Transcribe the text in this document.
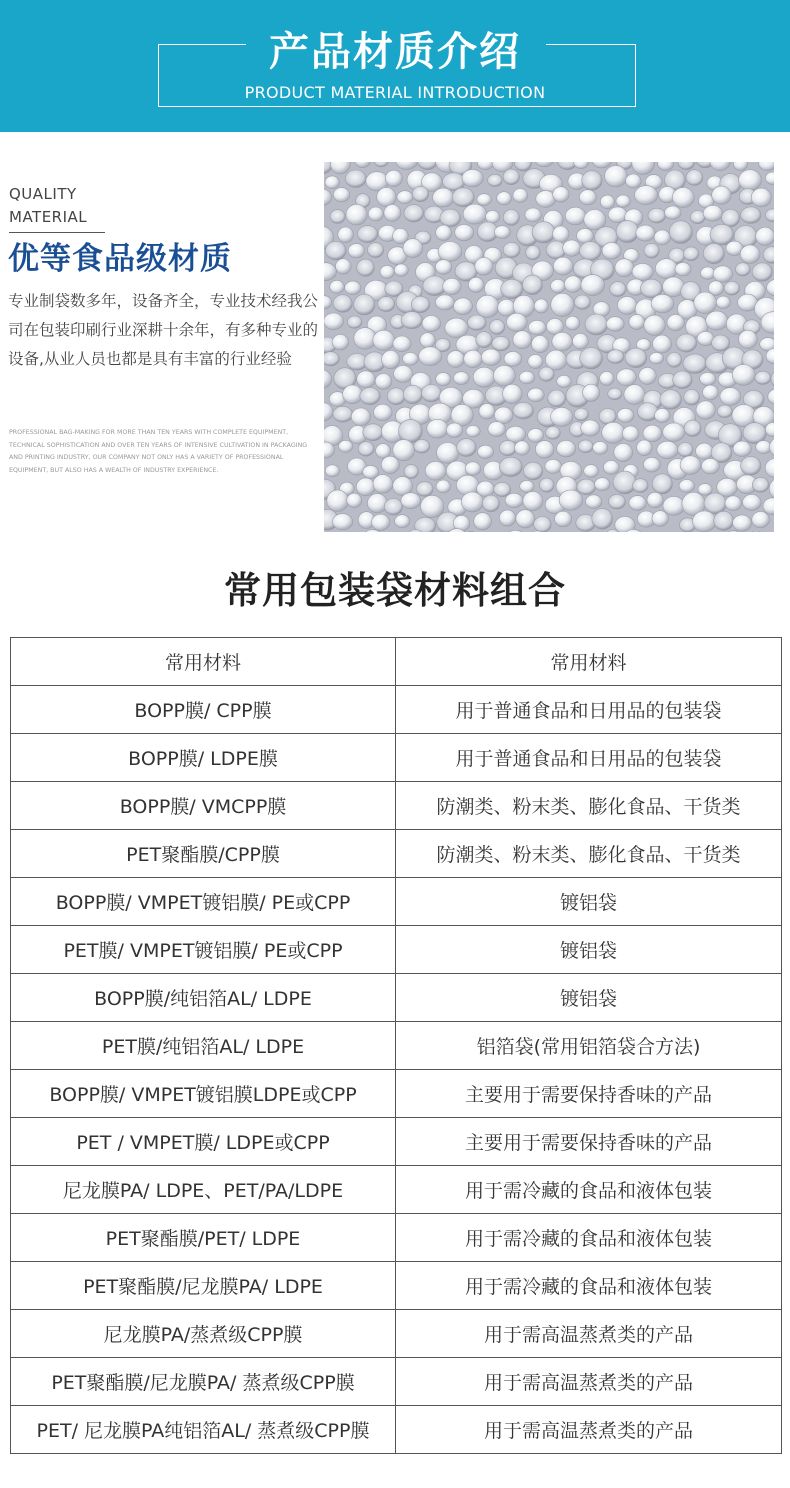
产品材质介绍
PRODUCT MATERIAL INTRODUCTION
QUALITY
MATERIAL
优等食品级材质
专业制袋数多年，设备齐全，专业技术经我公司在包装印刷行业深耕十余年，有多种专业的设备,从业人员也都是具有丰富的行业经验
PROFESSIONAL BAG-MAKING FOR MORE THAN TEN YEARS WITH COMPLETE EQUIPMENT, TECHNICAL SOPHISTICATION AND OVER TEN YEARS OF INTENSIVE CULTIVATION IN PACKAGING AND PRINTING INDUSTRY, OUR COMPANY NOT ONLY HAS A VARIETY OF PROFESSIONAL EQUIPMENT, BUT ALSO HAS A WEALTH OF INDUSTRY EXPERIENCE.
常用包装袋材料组合
常用材料	常用材料
BOPP膜/ CPP膜	用于普通食品和日用品的包装袋
BOPP膜/ LDPE膜	用于普通食品和日用品的包装袋
BOPP膜/ VMCPP膜	防潮类、粉末类、膨化食品、干货类
PET聚酯膜/CPP膜	防潮类、粉末类、膨化食品、干货类
BOPP膜/ VMPET镀铝膜/ PE或CPP	镀铝袋
PET膜/ VMPET镀铝膜/ PE或CPP	镀铝袋
BOPP膜/纯铝箔AL/ LDPE	镀铝袋
PET膜/纯铝箔AL/ LDPE	铝箔袋(常用铝箔袋合方法)
BOPP膜/ VMPET镀铝膜LDPE或CPP	主要用于需要保持香味的产品
PET / VMPET膜/ LDPE或CPP	主要用于需要保持香味的产品
尼龙膜PA/ LDPE、PET/PA/LDPE	用于需冷藏的食品和液体包装
PET聚酯膜/PET/ LDPE	用于需冷藏的食品和液体包装
PET聚酯膜/尼龙膜PA/ LDPE	用于需冷藏的食品和液体包装
尼龙膜PA/蒸煮级CPP膜	用于需高温蒸煮类的产品
PET聚酯膜/尼龙膜PA/ 蒸煮级CPP膜	用于需高温蒸煮类的产品
PET/ 尼龙膜PA纯铝箔AL/ 蒸煮级CPP膜	用于需高温蒸煮类的产品
